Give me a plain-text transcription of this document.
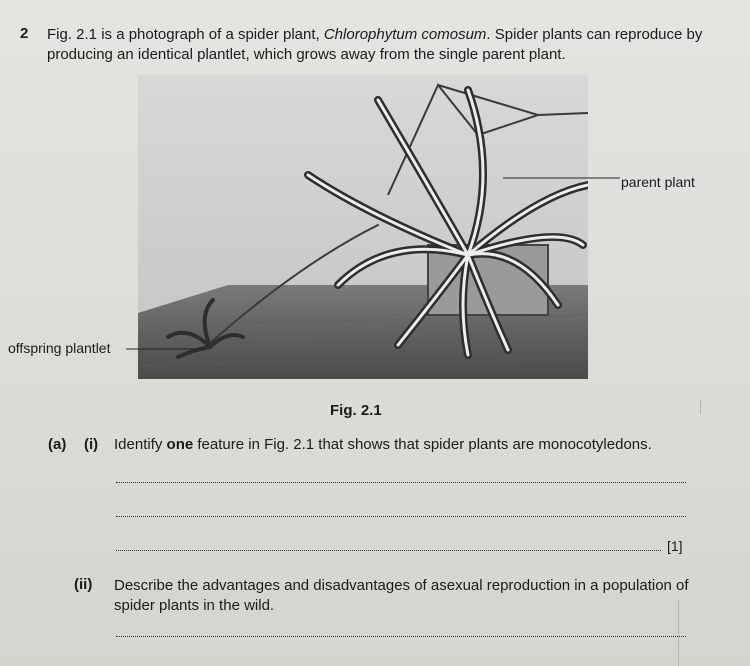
2 Fig. 2.1 is a photograph of a spider plant, Chlorophytum comosum. Spider plants can reproduce by producing an identical plantlet, which grows away from the single parent plant.
parent plant
offspring plantlet
Fig. 2.1
(a) (i) Identify one feature in Fig. 2.1 that shows that spider plants are monocotyledons.
[1]
(ii) Describe the advantages and disadvantages of asexual reproduction in a population of spider plants in the wild.
